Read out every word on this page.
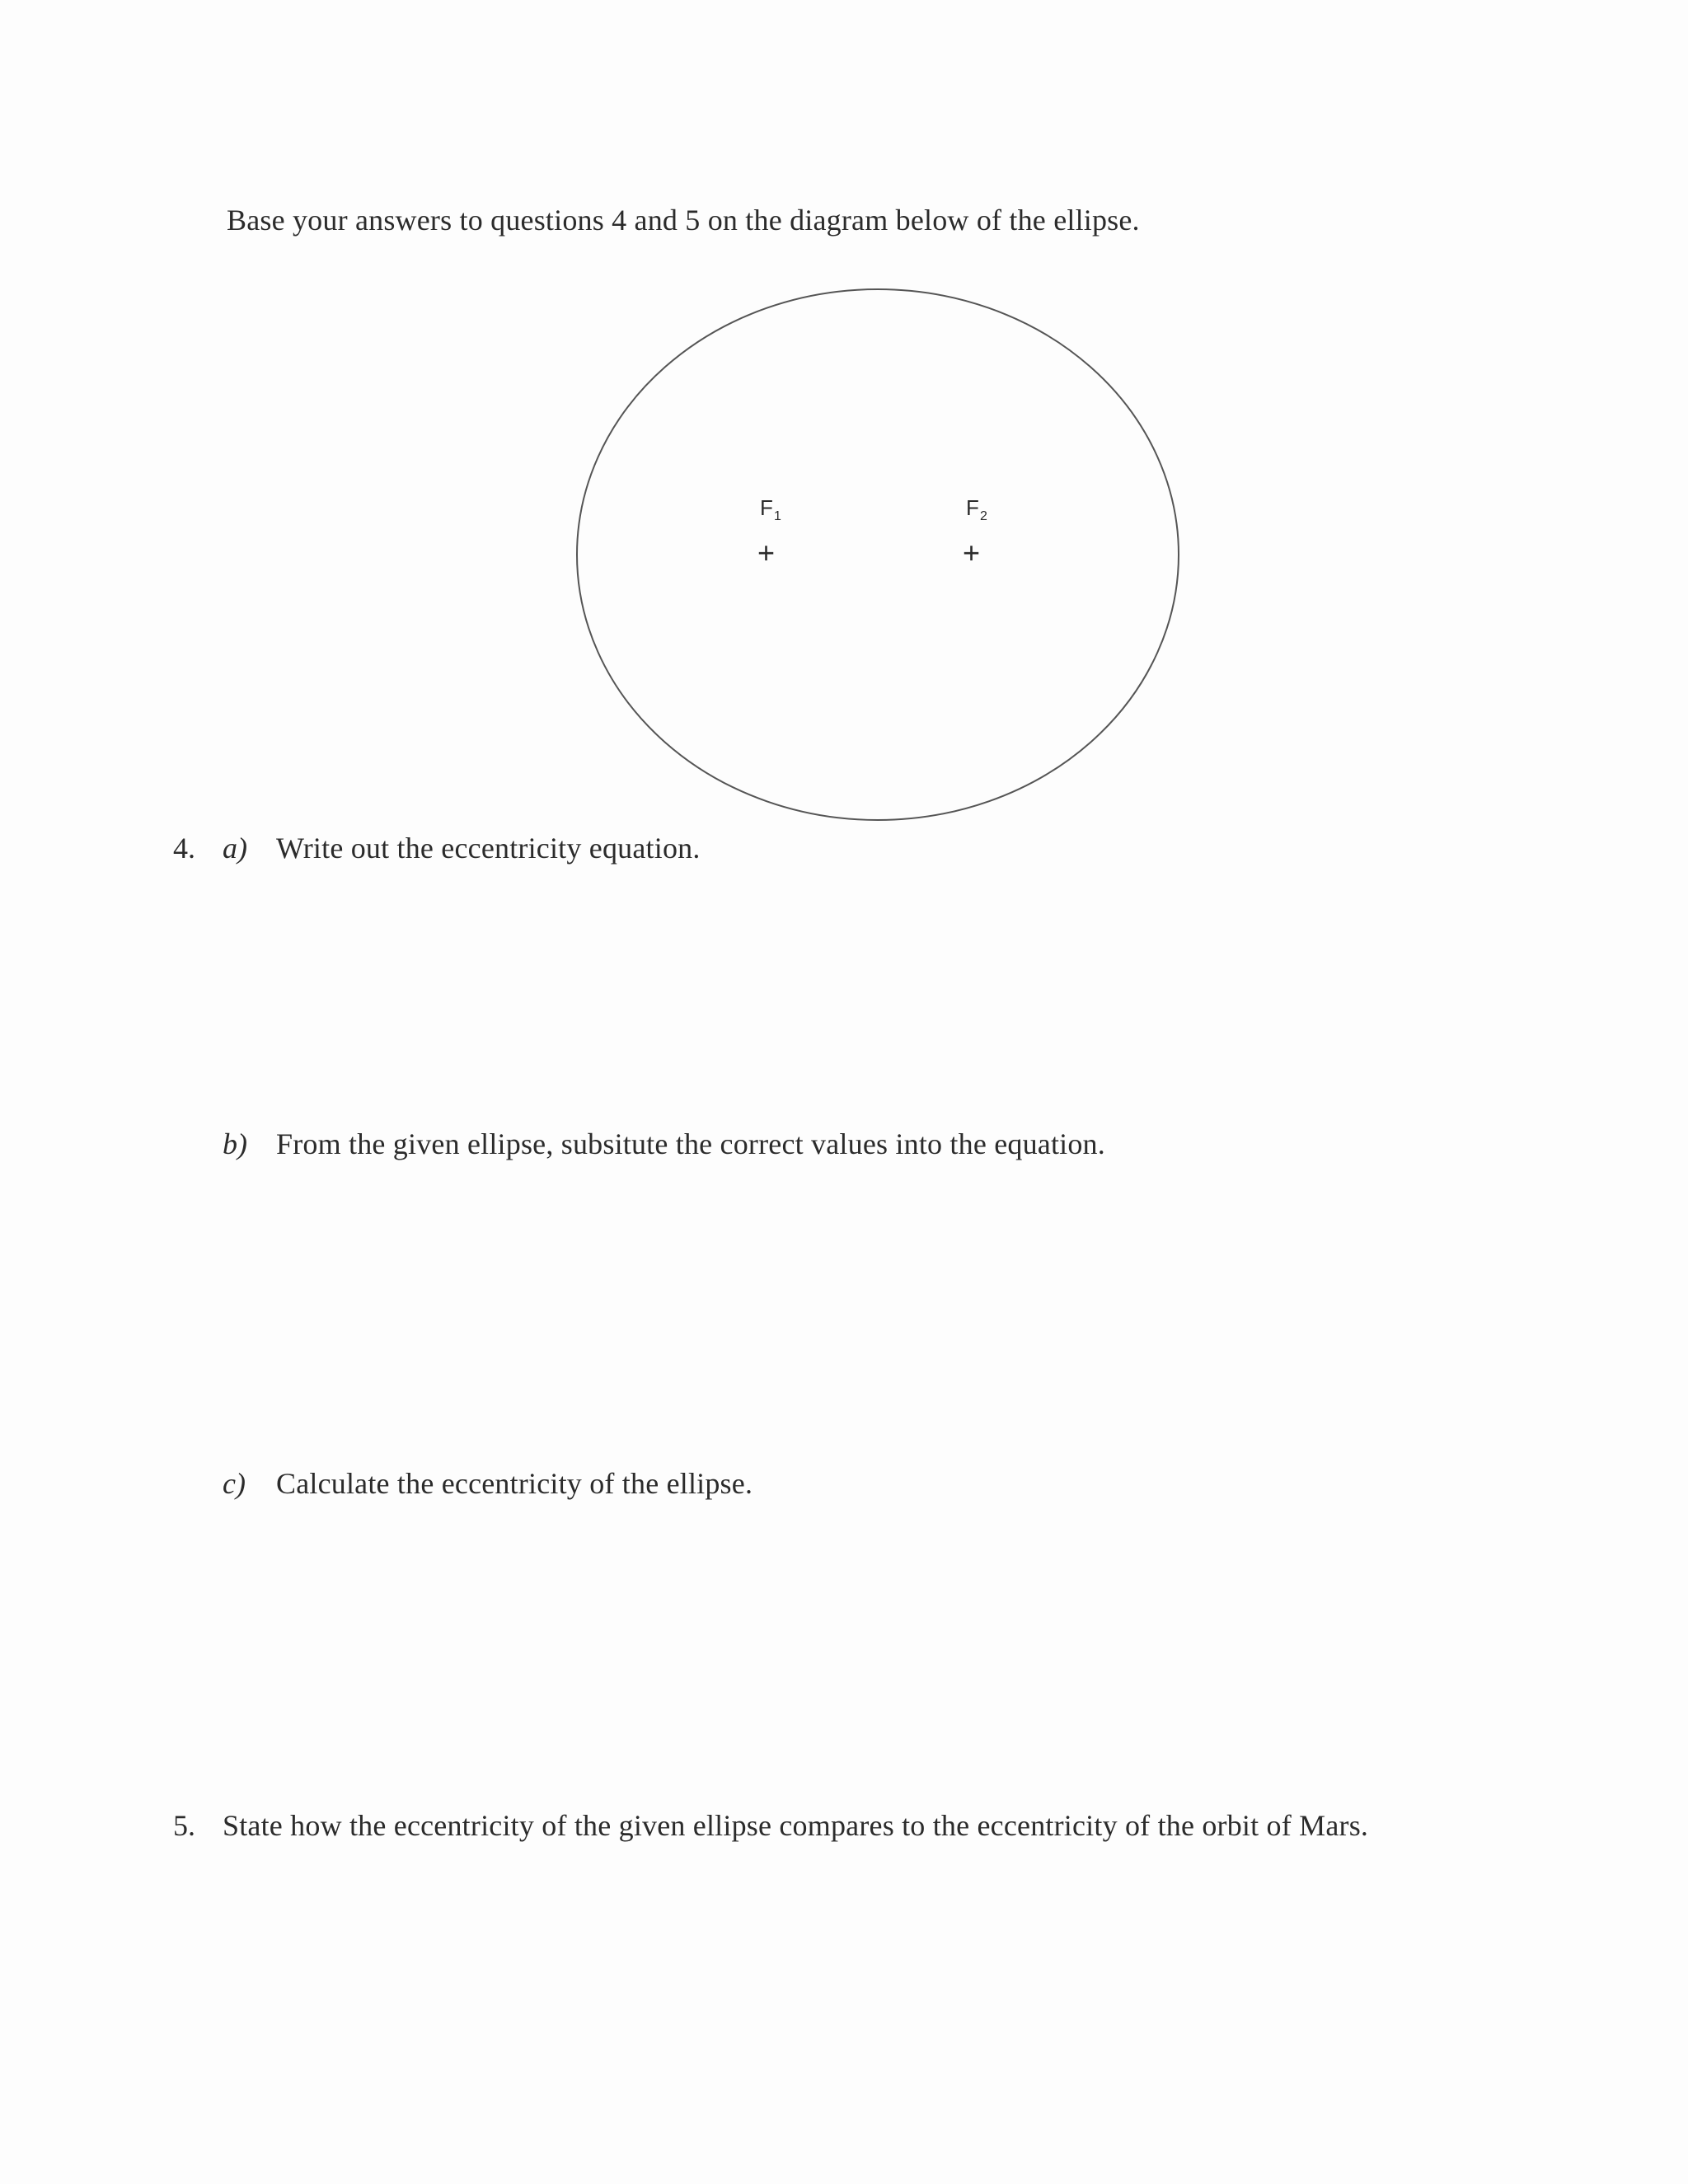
Base your answers to questions 4 and 5 on the diagram below of the ellipse.
F 1
+
F 2
+
4. a) Write out the eccentricity equation.
b) From the given ellipse, subsitute the correct values into the equation.
c) Calculate the eccentricity of the ellipse.
5. State how the eccentricity of the given ellipse compares to the eccentricity of the orbit of Mars.
